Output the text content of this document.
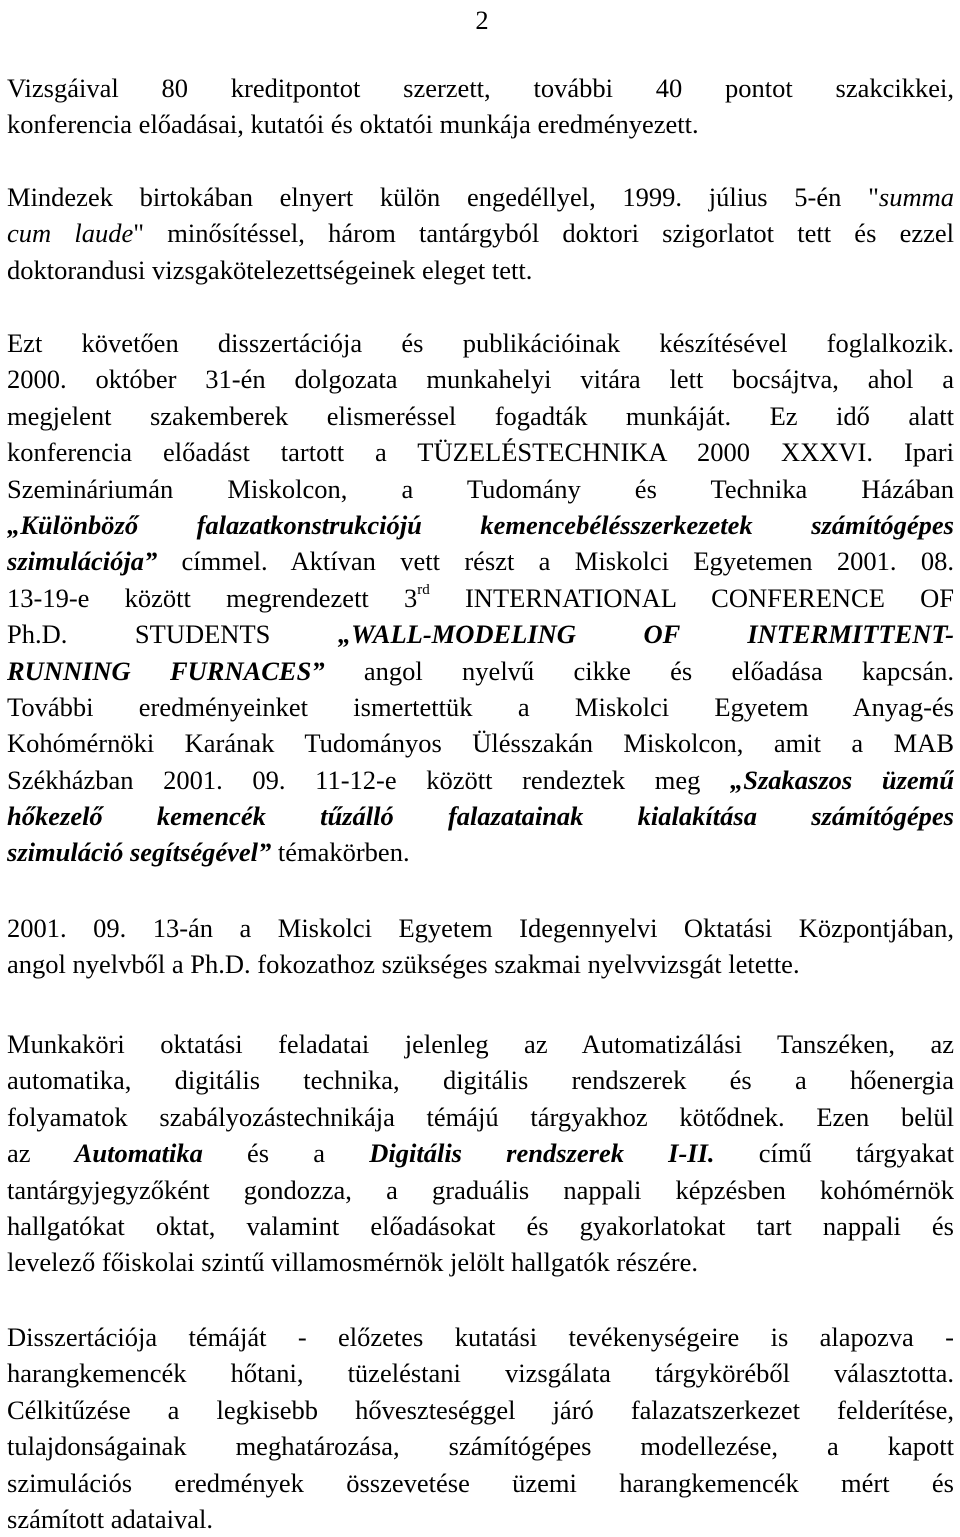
2
Vizsgáival 80 kreditpontot szerzett, további 40 pontot szakcikkei,
konferencia előadásai, kutatói és oktatói munkája eredményezett.
Mindezek birtokában elnyert külön engedéllyel, 1999. július 5-én "summa
cum laude" minősítéssel, három tantárgyból doktori szigorlatot tett és ezzel
doktorandusi vizsgakötelezettségeinek eleget tett.
Ezt követően disszertációja és publikációinak készítésével foglalkozik.
2000. október 31-én dolgozata munkahelyi vitára lett bocsájtva, ahol a
megjelent szakemberek elismeréssel fogadták munkáját. Ez idő alatt
konferencia előadást tartott a TÜZELÉSTECHNIKA 2000 XXXVI. Ipari
Szemináriumán Miskolcon, a Tudomány és Technika Házában
„Különböző falazatkonstrukciójú kemencebélésszerkezetek számítógépes
szimulációja” címmel. Aktívan vett részt a Miskolci Egyetemen 2001. 08.
13-19-e között megrendezett 3rd INTERNATIONAL CONFERENCE OF
Ph.D. STUDENTS „WALL-MODELING OF INTERMITTENT-
RUNNING FURNACES” angol nyelvű cikke és előadása kapcsán.
További eredményeinket ismertettük a Miskolci Egyetem Anyag-és
Kohómérnöki Karának Tudományos Ülésszakán Miskolcon, amit a MAB
Székházban 2001. 09. 11-12-e között rendeztek meg „Szakaszos üzemű
hőkezelő kemencék tűzálló falazatainak kialakítása számítógépes
szimuláció segítségével” témakörben.
2001. 09. 13-án a Miskolci Egyetem Idegennyelvi Oktatási Központjában,
angol nyelvből a Ph.D. fokozathoz szükséges szakmai nyelvvizsgát letette.
Munkaköri oktatási feladatai jelenleg az Automatizálási Tanszéken, az
automatika, digitális technika, digitális rendszerek és a hőenergia
folyamatok szabályozástechnikája témájú tárgyakhoz kötődnek. Ezen belül
az Automatika és a Digitális rendszerek I-II. című tárgyakat
tantárgyjegyzőként gondozza, a graduális nappali képzésben kohómérnök
hallgatókat oktat, valamint előadásokat és gyakorlatokat tart nappali és
levelező főiskolai szintű villamosmérnök jelölt hallgatók részére.
Disszertációja témáját - előzetes kutatási tevékenységeire is alapozva -
harangkemencék hőtani, tüzeléstani vizsgálata tárgyköréből választotta.
Célkitűzése a legkisebb hőveszteséggel járó falazatszerkezet felderítése,
tulajdonságainak meghatározása, számítógépes modellezése, a kapott
szimulációs eredmények összevetése üzemi harangkemencék mért és
számított adataival.
